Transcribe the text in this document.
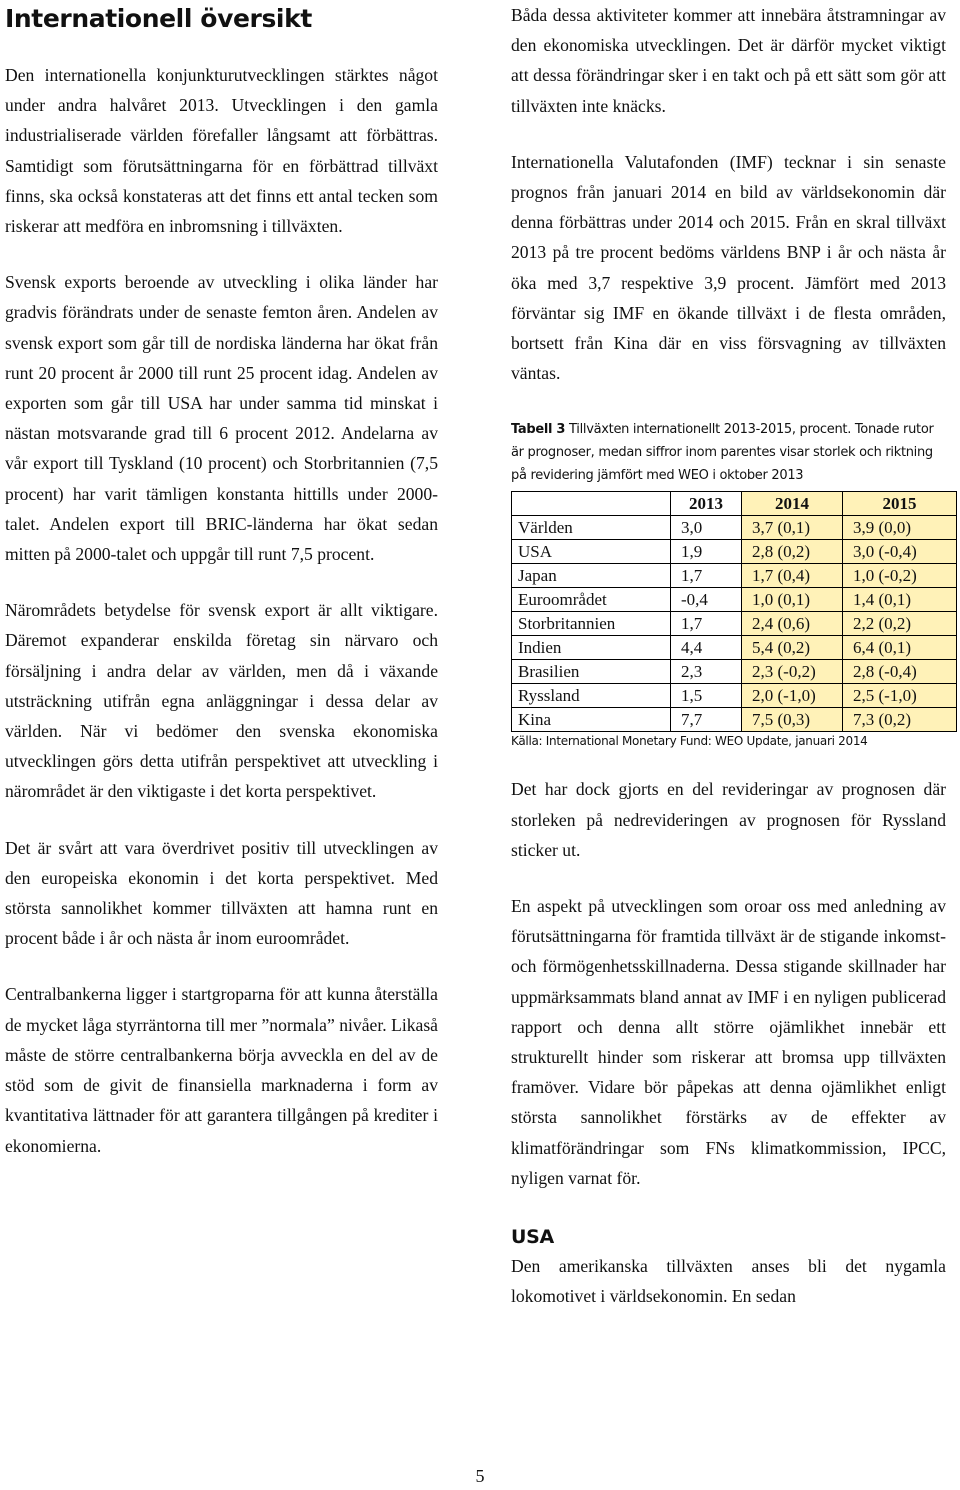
Internationell översikt

Den internationella konjunkturutvecklingen stärktes något under andra halvåret 2013. Utvecklingen i den gamla industrialiserade världen förefaller långsamt att förbättras. Samtidigt som förutsättningarna för en förbättrad tillväxt finns, ska också konstateras att det finns ett antal tecken som riskerar att medföra en inbromsning i tillväxten.

Svensk exports beroende av utveckling i olika länder har gradvis förändrats under de senaste femton åren. Andelen av svensk export som går till de nordiska länderna har ökat från runt 20 procent år 2000 till runt 25 procent idag. Andelen av exporten som går till USA har under samma tid minskat i nästan motsvarande grad till 6 procent 2012. Andelarna av vår export till Tyskland (10 procent) och Storbritannien (7,5 procent) har varit tämligen konstanta hittills under 2000-talet. Andelen export till BRIC-länderna har ökat sedan mitten på 2000-talet och uppgår till runt 7,5 procent.

Närområdets betydelse för svensk export är allt viktigare. Däremot expanderar enskilda företag sin närvaro och försäljning i andra delar av världen, men då i växande utsträckning utifrån egna anläggningar i dessa delar av världen. När vi bedömer den svenska ekonomiska utvecklingen görs detta utifrån perspektivet att utveckling i närområdet är den viktigaste i det korta perspektivet.

Det är svårt att vara överdrivet positiv till utvecklingen av den europeiska ekonomin i det korta perspektivet. Med största sannolikhet kommer tillväxten att hamna runt en procent både i år och nästa år inom euroområdet.

Centralbankerna ligger i startgroparna för att kunna återställa de mycket låga styrräntorna till mer ”normala” nivåer. Likaså måste de större centralbankerna börja avveckla en del av de stöd som de givit de finansiella marknaderna i form av kvantitativa lättnader för att garantera tillgången på krediter i ekonomierna.

Båda dessa aktiviteter kommer att innebära åtstramningar av den ekonomiska utvecklingen. Det är därför mycket viktigt att dessa förändringar sker i en takt och på ett sätt som gör att tillväxten inte knäcks.

Internationella Valutafonden (IMF) tecknar i sin senaste prognos från januari 2014 en bild av världsekonomin där denna förbättras under 2014 och 2015. Från en skral tillväxt 2013 på tre procent bedöms världens BNP i år och nästa år öka med 3,7 respektive 3,9 procent. Jämfört med 2013 förväntar sig IMF en ökande tillväxt i de flesta områden, bortsett från Kina där en viss försvagning av tillväxten väntas.

Tabell 3 Tillväxten internationellt 2013-2015, procent. Tonade rutor är prognoser, medan siffror inom parentes visar storlek och riktning på revidering jämfört med WEO i oktober 2013

	2013	2014	2015
Världen	3,0	3,7 (0,1)	3,9 (0,0)
USA	1,9	2,8 (0,2)	3,0 (-0,4)
Japan	1,7	1,7 (0,4)	1,0 (-0,2)
Euroområdet	-0,4	1,0 (0,1)	1,4 (0,1)
Storbritannien	1,7	2,4 (0,6)	2,2 (0,2)
Indien	4,4	5,4 (0,2)	6,4 (0,1)
Brasilien	2,3	2,3 (-0,2)	2,8 (-0,4)
Ryssland	1,5	2,0 (-1,0)	2,5 (-1,0)
Kina	7,7	7,5 (0,3)	7,3 (0,2)

Källa: International Monetary Fund: WEO Update, januari 2014

Det har dock gjorts en del revideringar av prognosen där storleken på nedrevideringen av prognosen för Ryssland sticker ut.

En aspekt på utvecklingen som oroar oss med anledning av förutsättningarna för framtida tillväxt är de stigande inkomst- och förmögenhetsskillnaderna. Dessa stigande skillnader har uppmärksammats bland annat av IMF i en nyligen publicerad rapport och denna allt större ojämlikhet innebär ett strukturellt hinder som riskerar att bromsa upp tillväxten framöver. Vidare bör påpekas att denna ojämlikhet enligt största sannolikhet förstärks av de effekter av klimatförändringar som FNs klimatkommission, IPCC, nyligen varnat för.

USA

Den amerikanska tillväxten anses bli det nygamla lokomotivet i världsekonomin. En sedan

5
